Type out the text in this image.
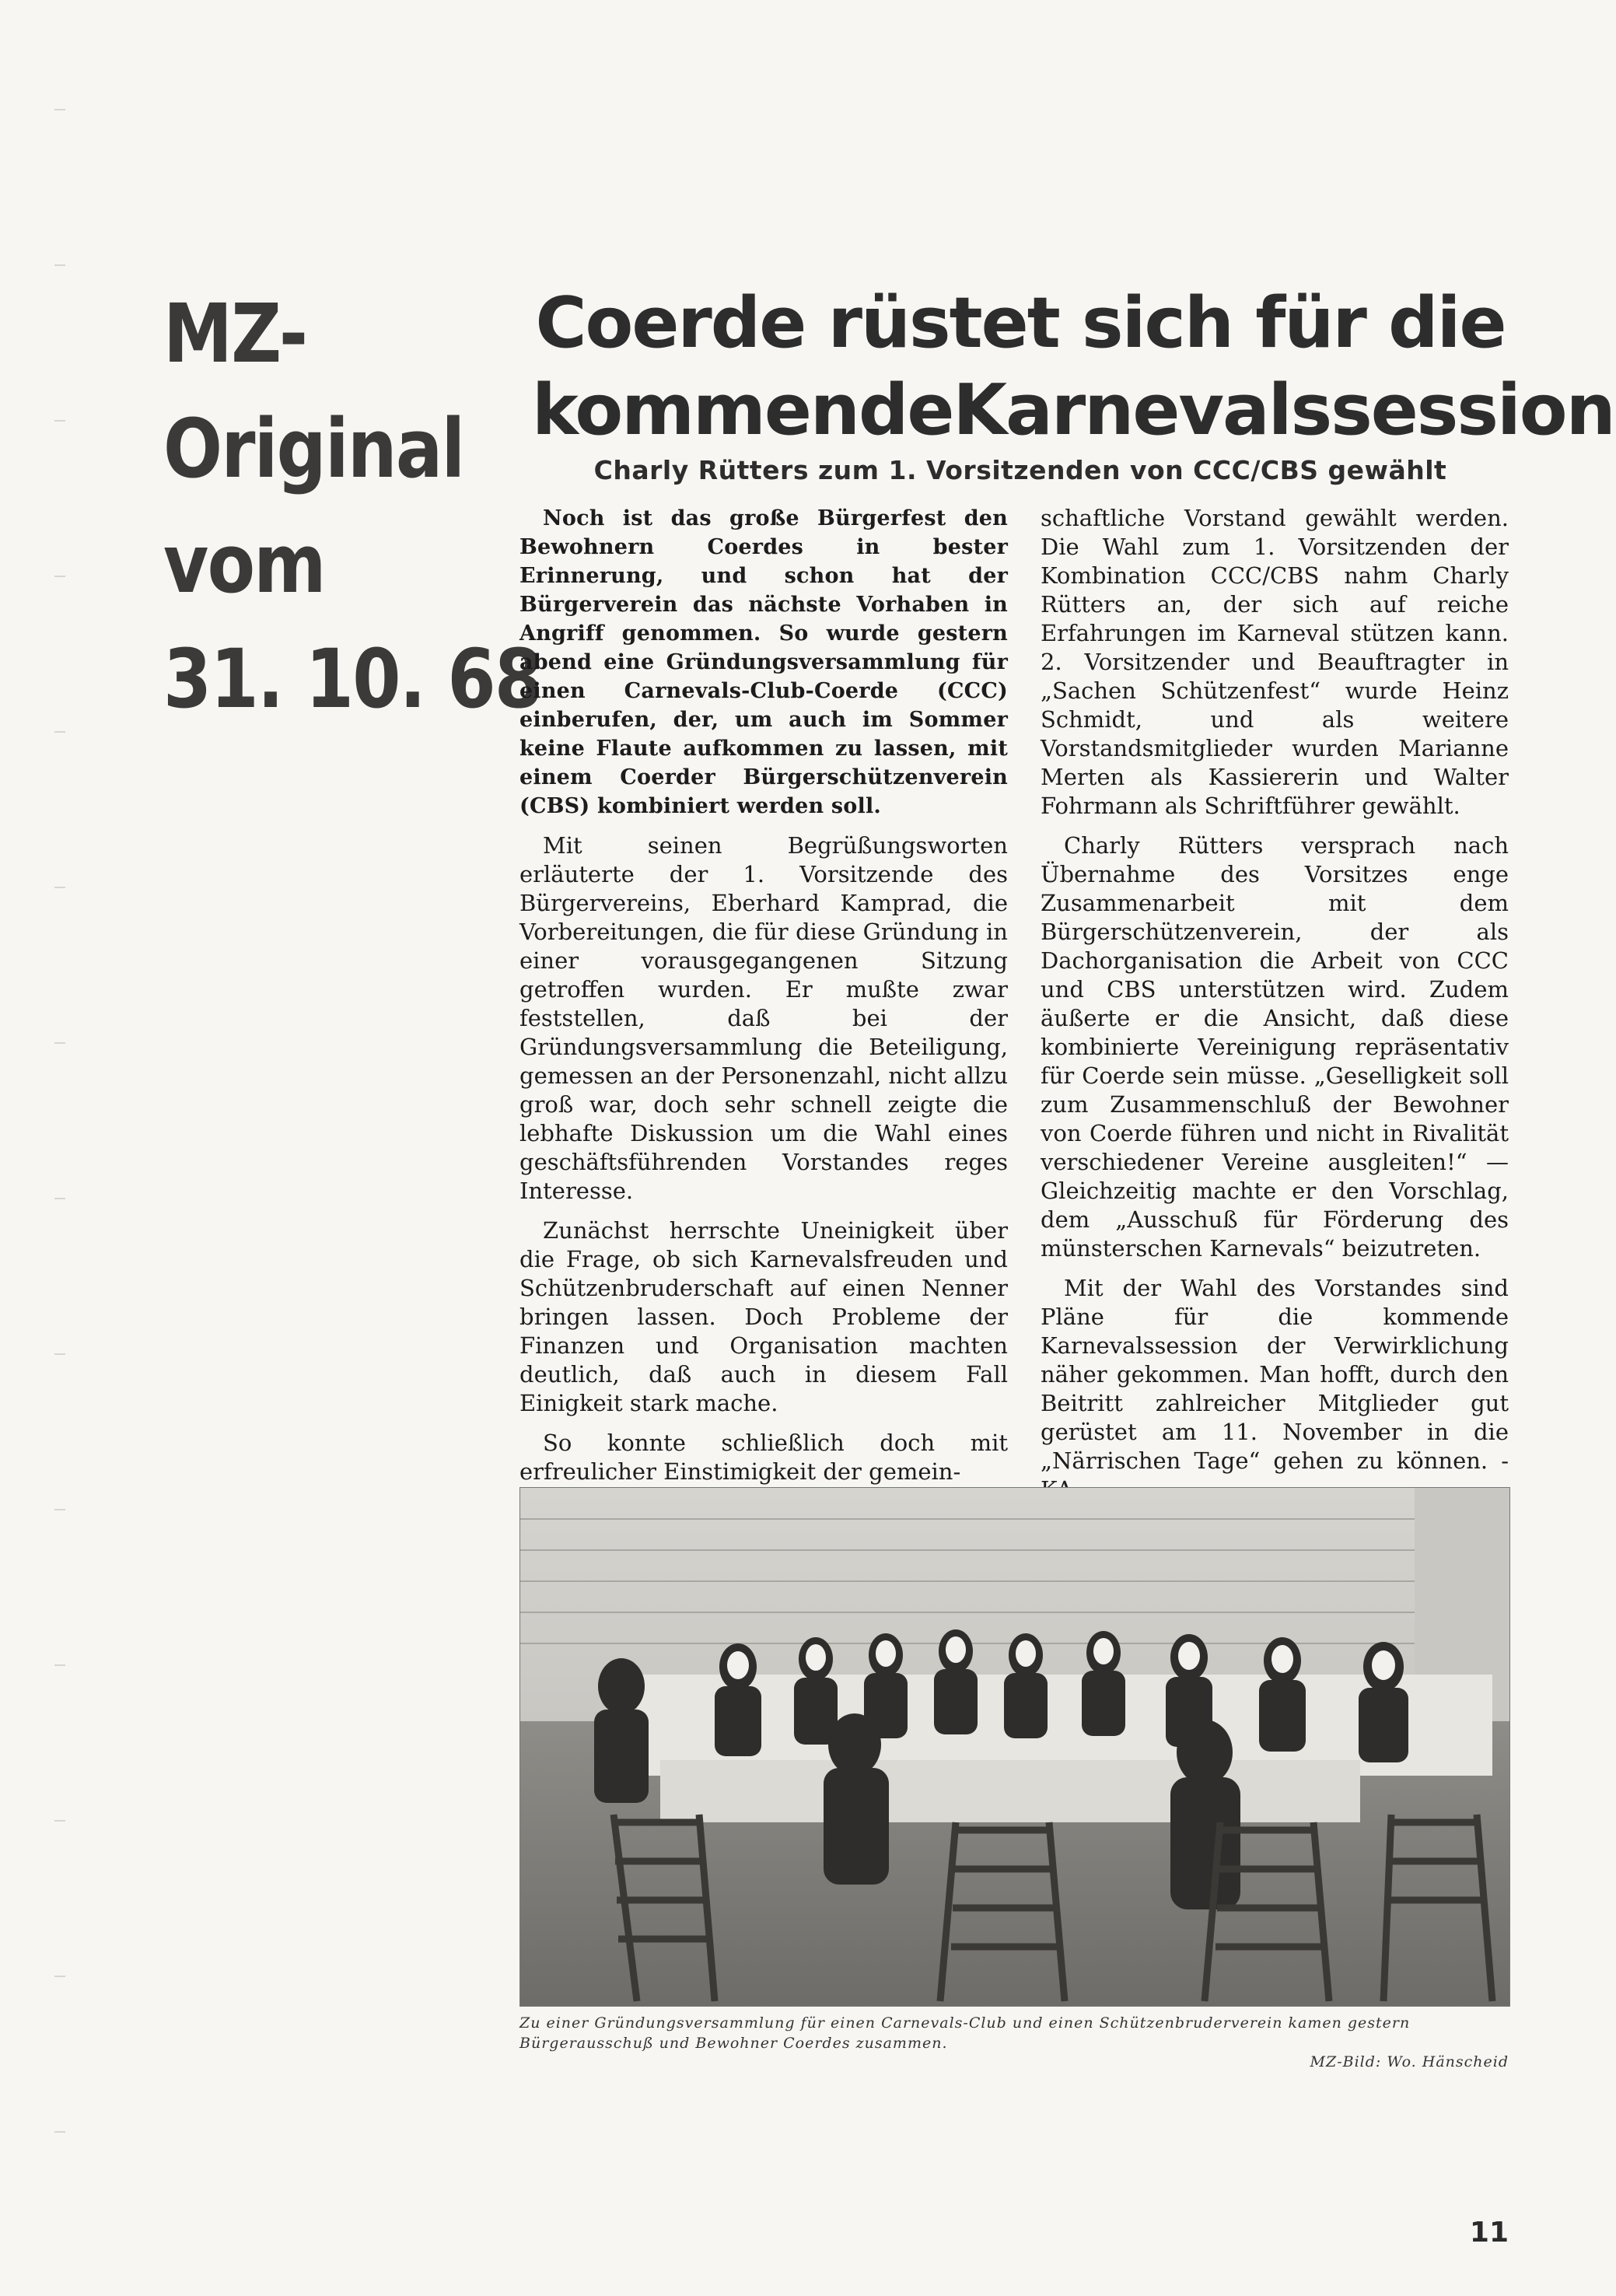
MZ-
Original
vom
31. 10. 68
Coerde rüstet sich für die
kommendeKarnevalssession
Charly Rütters zum 1. Vorsitzenden von CCC/CBS gewählt

Noch ist das große Bürgerfest den Bewohnern Coerdes in bester Erinnerung, und schon hat der Bürgerverein das nächste Vorhaben in Angriff genommen. So wurde gestern abend eine Gründungsversammlung für einen Carnevals-Club-Coerde (CCC) einberufen, der, um auch im Sommer keine Flaute aufkommen zu lassen, mit einem Coerder Bürgerschützenverein (CBS) kombiniert werden soll.

Mit seinen Begrüßungsworten erläuterte der 1. Vorsitzende des Bürgervereins, Eberhard Kamprad, die Vorbereitungen, die für diese Gründung in einer vorausgegangenen Sitzung getroffen wurden. Er mußte zwar feststellen, daß bei der Gründungsversammlung die Beteiligung, gemessen an der Personenzahl, nicht allzu groß war, doch sehr schnell zeigte die lebhafte Diskussion um die Wahl eines geschäftsführenden Vorstandes reges Interesse.

Zunächst herrschte Uneinigkeit über die Frage, ob sich Karnevalsfreuden und Schützenbruderschaft auf einen Nenner bringen lassen. Doch Probleme der Finanzen und Organisation machten deutlich, daß auch in diesem Fall Einigkeit stark mache.

So konnte schließlich doch mit erfreulicher Einstimigkeit der gemein-

schaftliche Vorstand gewählt werden. Die Wahl zum 1. Vorsitzenden der Kombination CCC/CBS nahm Charly Rütters an, der sich auf reiche Erfahrungen im Karneval stützen kann. 2. Vorsitzender und Beauftragter in „Sachen Schützenfest“ wurde Heinz Schmidt, und als weitere Vorstandsmitglieder wurden Marianne Merten als Kassiererin und Walter Fohrmann als Schriftführer gewählt.

Charly Rütters versprach nach Übernahme des Vorsitzes enge Zusammenarbeit mit dem Bürgerschützenverein, der als Dachorganisation die Arbeit von CCC und CBS unterstützen wird. Zudem äußerte er die Ansicht, daß diese kombinierte Vereinigung repräsentativ für Coerde sein müsse. „Geselligkeit soll zum Zusammenschluß der Bewohner von Coerde führen und nicht in Rivalität verschiedener Vereine ausgleiten!“ — Gleichzeitig machte er den Vorschlag, dem „Ausschuß für Förderung des münsterschen Karnevals“ beizutreten.

Mit der Wahl des Vorstandes sind Pläne für die kommende Karnevalssession der Verwirklichung näher gekommen. Man hofft, durch den Beitritt zahlreicher Mitglieder gut gerüstet am 11. November in die „Närrischen Tage“ gehen zu können. -

Zu einer Gründungsversammlung für einen Carnevals-Club und einen Schützenbruderverein kamen gestern Bürgerausschuß und Bewohner Coerdes zusammen.
MZ-Bild: Wo. Hänscheid
11
